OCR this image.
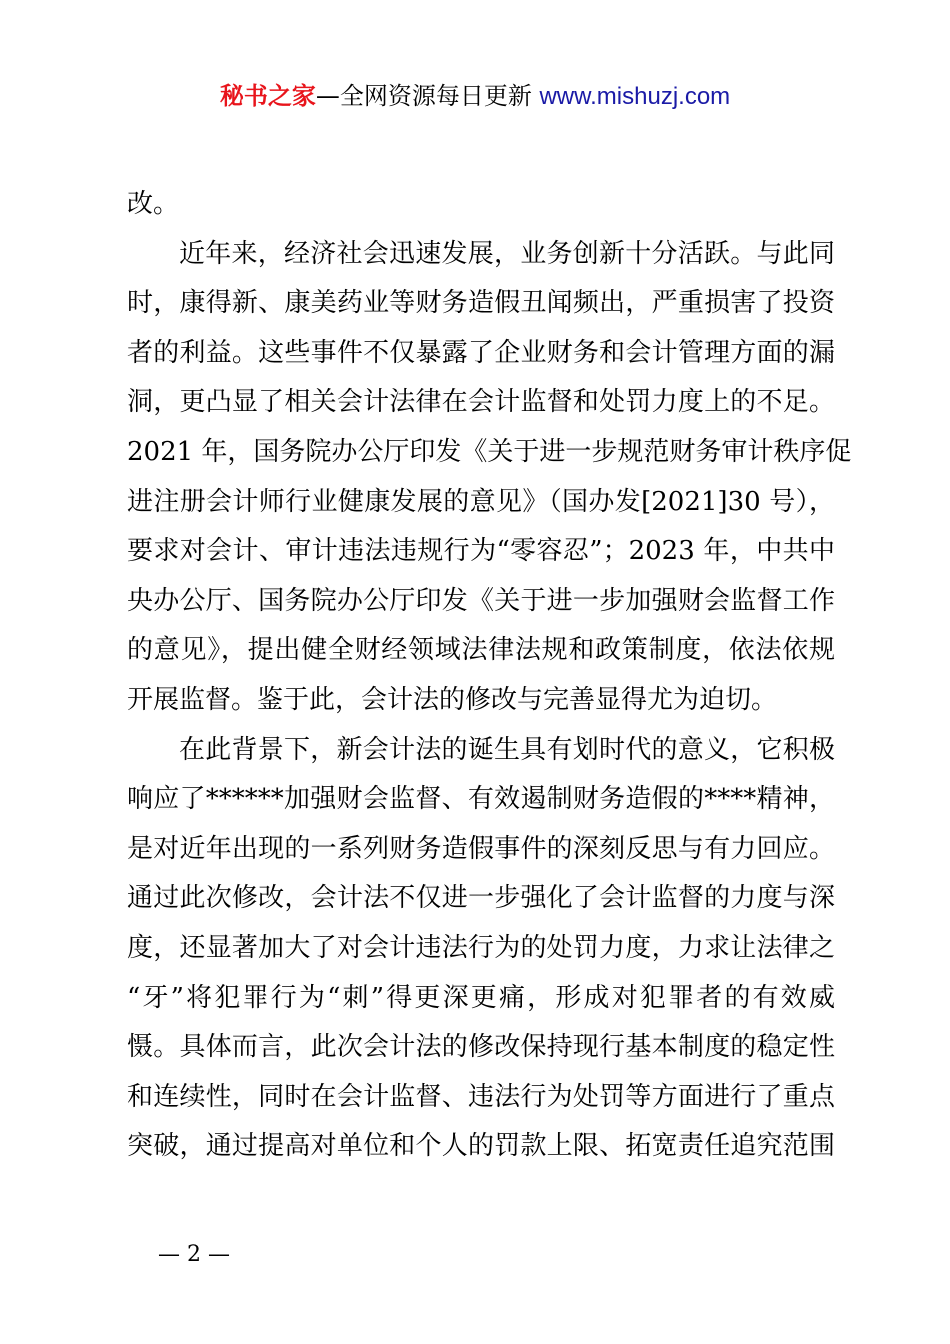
秘书之家—全网资源每日更新 www.mishuzj.com
改。
近年来，经济社会迅速发展，业务创新十分活跃。与此同
时，康得新、康美药业等财务造假丑闻频出，严重损害了投资
者的利益。这些事件不仅暴露了企业财务和会计管理方面的漏
洞，更凸显了相关会计法律在会计监督和处罚力度上的不足。
2021 年，国务院办公厅印发《关于进一步规范财务审计秩序促
进注册会计师行业健康发展的意见》（国办发[2021]30 号），
要求对会计、审计违法违规行为“零容忍”；2023 年，中共中
央办公厅、国务院办公厅印发《关于进一步加强财会监督工作
的意见》，提出健全财经领域法律法规和政策制度，依法依规
开展监督。鉴于此，会计法的修改与完善显得尤为迫切。
在此背景下，新会计法的诞生具有划时代的意义，它积极
响应了******加强财会监督、有效遏制财务造假的****精神，
是对近年出现的一系列财务造假事件的深刻反思与有力回应。
通过此次修改，会计法不仅进一步强化了会计监督的力度与深
度，还显著加大了对会计违法行为的处罚力度，力求让法律之
“牙”将犯罪行为“刺”得更深更痛，形成对犯罪者的有效威
慑。具体而言，此次会计法的修改保持现行基本制度的稳定性
和连续性，同时在会计监督、违法行为处罚等方面进行了重点
突破，通过提高对单位和个人的罚款上限、拓宽责任追究范围
— 2 —
